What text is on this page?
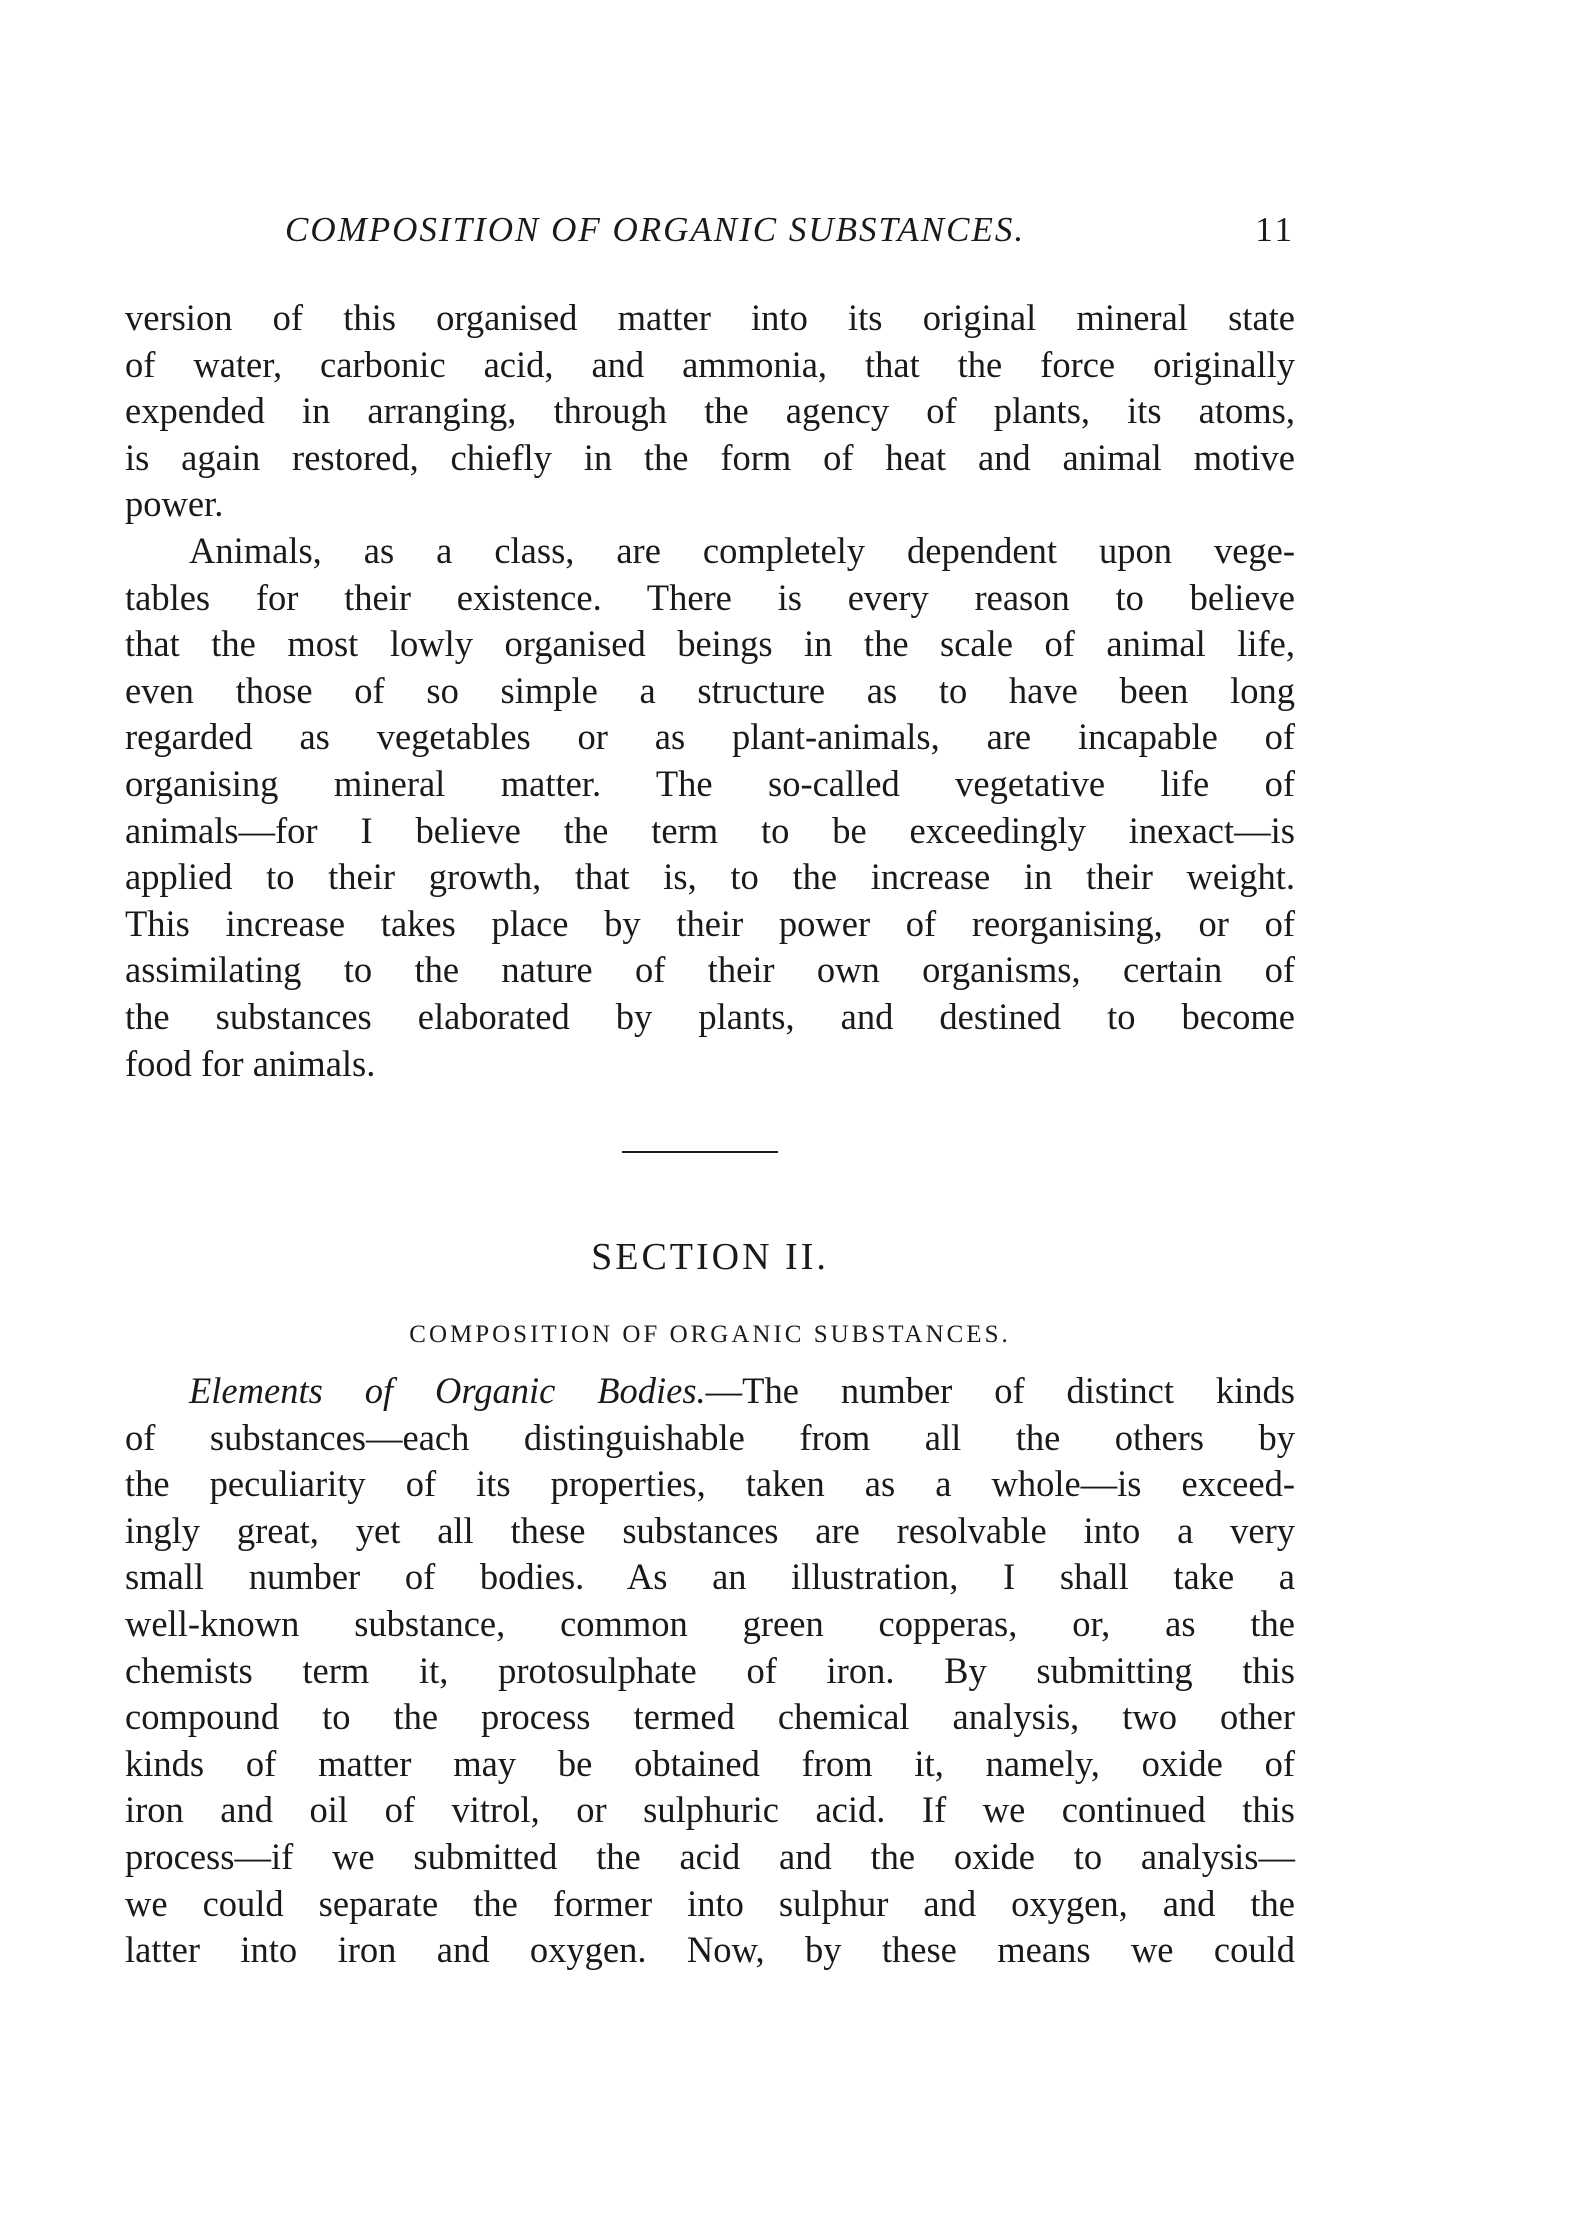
COMPOSITION OF ORGANIC SUBSTANCES.	11
version of this organised matter into its original mineral state
of water, carbonic acid, and ammonia, that the force originally
expended in arranging, through the agency of plants, its atoms,
is again restored, chiefly in the form of heat and animal motive
power.
Animals, as a class, are completely dependent upon vege-
tables for their existence. There is every reason to believe
that the most lowly organised beings in the scale of animal life,
even those of so simple a structure as to have been long
regarded as vegetables or as plant-animals, are incapable of
organising mineral matter. The so-called vegetative life of
animals—for I believe the term to be exceedingly inexact—is
applied to their growth, that is, to the increase in their weight.
This increase takes place by their power of reorganising, or of
assimilating to the nature of their own organisms, certain of
the substances elaborated by plants, and destined to become
food for animals.
SECTION II.
COMPOSITION OF ORGANIC SUBSTANCES.
Elements of Organic Bodies.—The number of distinct kinds
of substances—each distinguishable from all the others by
the peculiarity of its properties, taken as a whole—is exceed-
ingly great, yet all these substances are resolvable into a very
small number of bodies. As an illustration, I shall take a
well-known substance, common green copperas, or, as the
chemists term it, protosulphate of iron. By submitting this
compound to the process termed chemical analysis, two other
kinds of matter may be obtained from it, namely, oxide of
iron and oil of vitrol, or sulphuric acid. If we continued this
process—if we submitted the acid and the oxide to analysis—
we could separate the former into sulphur and oxygen, and the
latter into iron and oxygen. Now, by these means we could
